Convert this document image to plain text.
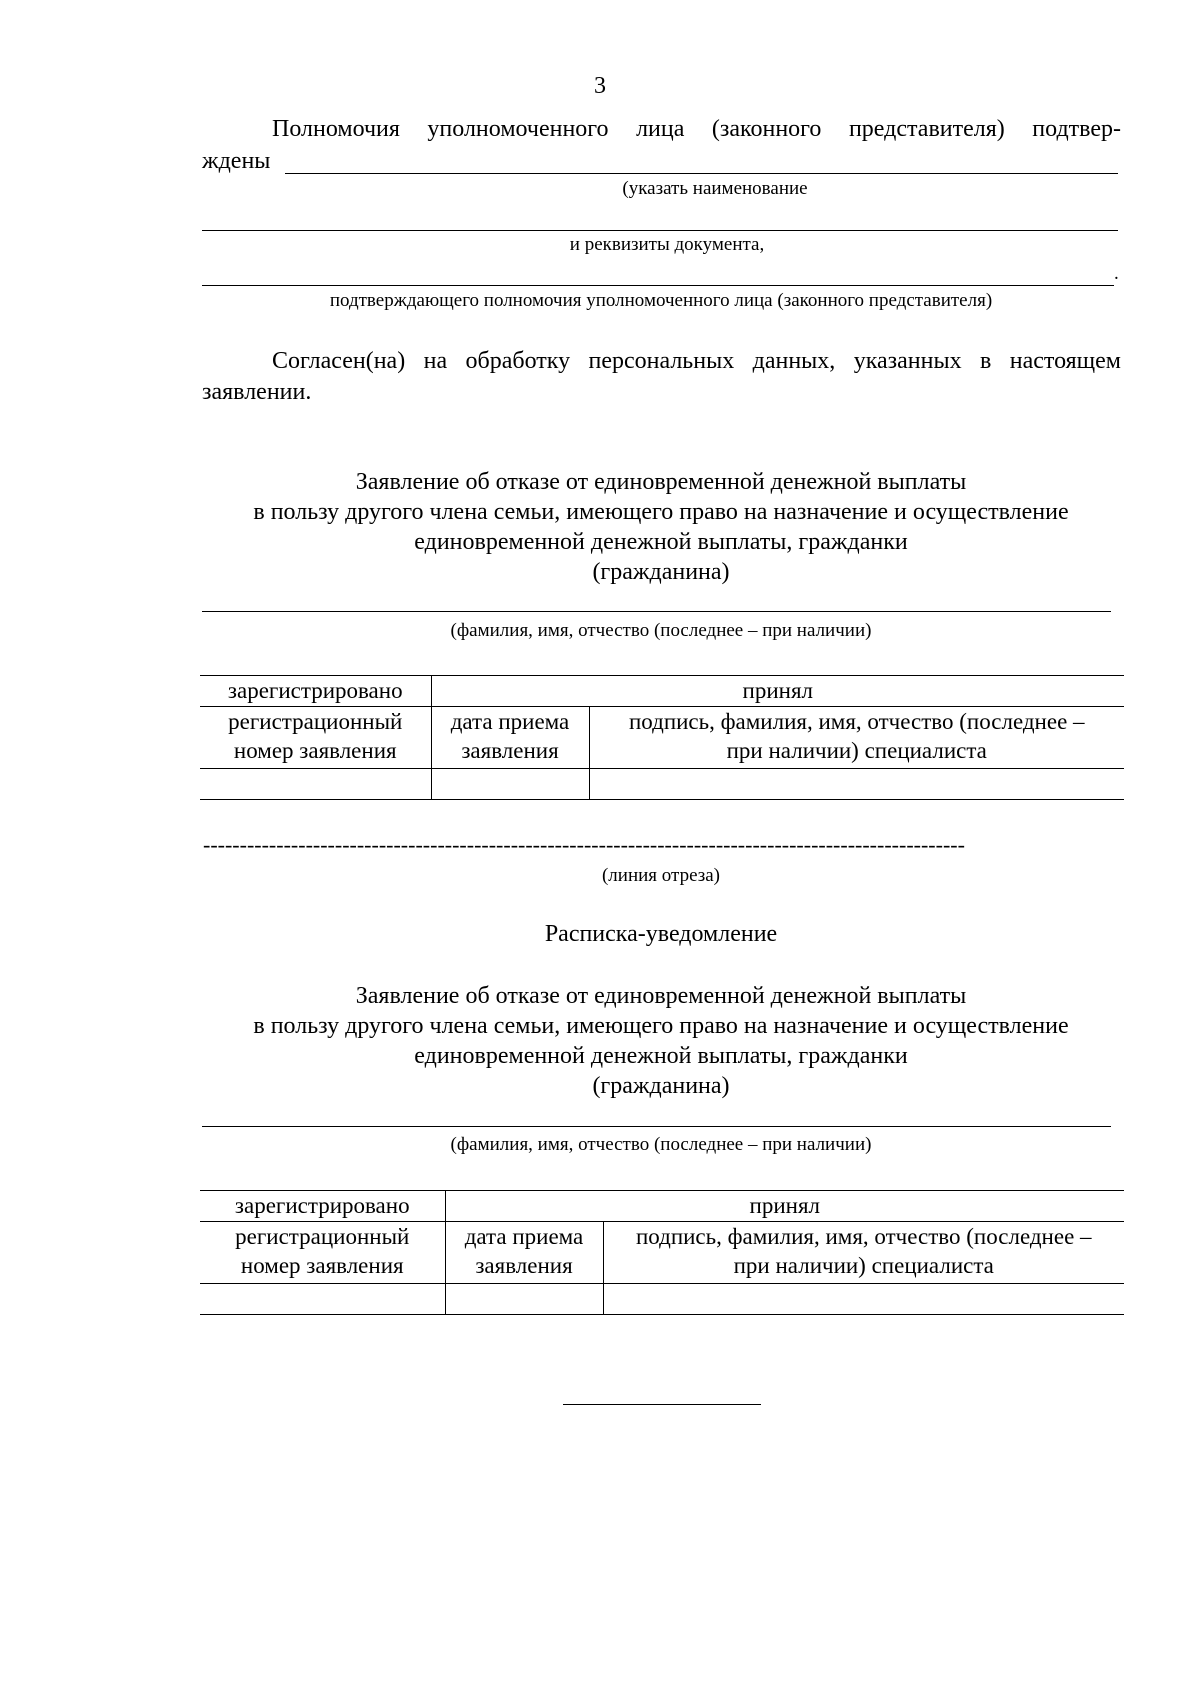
3
Полномочия уполномоченного лица (законного представителя) подтвер-
ждены
(указать наименование
и реквизиты документа,
.
подтверждающего полномочия уполномоченного лица (законного представителя)
Согласен(на) на обработку персональных данных, указанных в настоящем
заявлении.
Заявление об отказе от единовременной денежной выплаты
в пользу другого члена семьи, имеющего право на назначение и осуществление
единовременной денежной выплаты, гражданки
(гражданина)
(фамилия, имя, отчество (последнее – при наличии)
зарегистрировано	принял	
регистрационный номер заявления	дата приема заявления	подпись, фамилия, имя, отчество (последнее – при наличии) специалиста

--------------------------------------------------------------------------------------------------------
(линия отреза)
Расписка-уведомление
Заявление об отказе от единовременной денежной выплаты
в пользу другого члена семьи, имеющего право на назначение и осуществление
единовременной денежной выплаты, гражданки
(гражданина)
(фамилия, имя, отчество (последнее – при наличии)
зарегистрировано	принял	
регистрационный номер заявления	дата приема заявления	подпись, фамилия, имя, отчество (последнее – при наличии) специалиста
